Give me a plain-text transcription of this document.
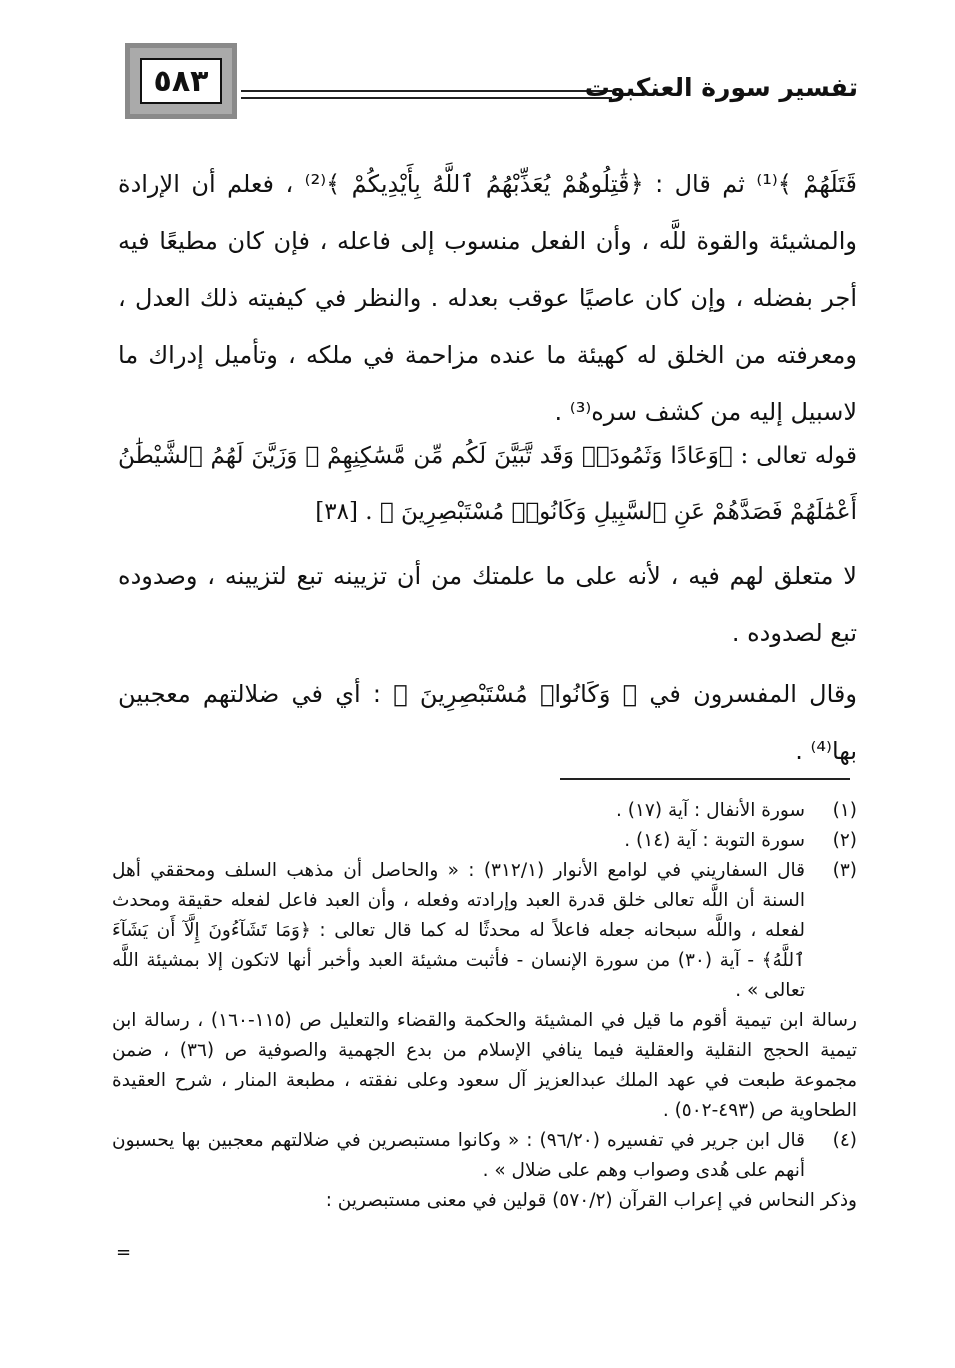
٥٨٣	تفسير سورة العنكبوت
قَتَلَهُمْ ﴾⁽¹⁾ ثم قال : ﴿قَٰتِلُوهُمْ يُعَذِّبْهُمُ ٱللَّهُ بِأَيْدِيكُمْ ﴾⁽²⁾ ، فعلم أن الإرادة والمشيئة والقوة للَّه ، وأن الفعل منسوب إلى فاعله ، فإن كان مطيعًا فيه أجر بفضله ، وإن كان عاصيًا عوقب بعدله . والنظر في كيفيته ذلك العدل ، ومعرفته من الخلق له كهيئة ما عنده مزاحمة في ملكه ، وتأميل إدراك ما لاسبيل إليه من كشف سره⁽³⁾ .
قوله تعالى : ﴿وَعَادًا وَثَمُودَا۟ وَقَد تَّبَيَّنَ لَكُم مِّن مَّسَٰكِنِهِمْ ۖ وَزَيَّنَ لَهُمُ ٱلشَّيْطَٰنُ أَعْمَٰلَهُمْ فَصَدَّهُمْ عَنِ ٱلسَّبِيلِ وَكَانُوا۟ مُسْتَبْصِرِينَ ﴾ . [٣٨]
لا متعلق لهم فيه ، لأنه على ما علمتك من أن تزيينه تبع لتزيينه ، وصدوده تبع لصدوده .
وقال المفسرون في ﴿ وَكَانُوا۟ مُسْتَبْصِرِينَ ﴾ : أي في ضلالتهم معجبين بها⁽⁴⁾ .
(١)
سورة الأنفال : آية (١٧) .
(٢)
سورة التوبة : آية (١٤) .
(٣)
قال السفاريني في لوامع الأنوار (٣١٢/١) : « والحاصل أن مذهب السلف ومحققي أهل السنة أن اللَّه تعالى خلق قدرة العبد وإرادته وفعله ، وأن العبد فاعل لفعله حقيقة ومحدث لفعله ، واللَّه سبحانه جعله فاعلاً له محدثًا له كما قال تعالى : ﴿وَمَا تَشَآءُونَ إِلَّآ أَن يَشَآءَ ٱللَّهُ﴾ - آية (٣٠) من سورة الإنسان - فأثبت مشيئة العبد وأخبر أنها لاتكون إلا بمشيئة اللَّه تعالى » .
رسالة ابن تيمية أقوم ما قيل في المشيئة والحكمة والقضاء والتعليل ص (١١٥-١٦٠) ، رسالة ابن تيمية الحجج النقلية والعقلية فيما ينافي الإسلام من بدع الجهمية والصوفية ص (٣٦) ، ضمن مجموعة طبعت في عهد الملك عبدالعزيز آل سعود وعلى نفقته ، مطبعة المنار ، شرح العقيدة الطحاوية ص (٤٩٣-٥٠٢) .
(٤)
قال ابن جرير في تفسيره (٩٦/٢٠) : « وكانوا مستبصرين في ضلالتهم معجبين بها يحسبون أنهم على هُدى وصواب وهم على ضلال » .
وذكر النحاس في إعراب القرآن (٥٧٠/٢) قولين في معنى مستبصرين :
=
